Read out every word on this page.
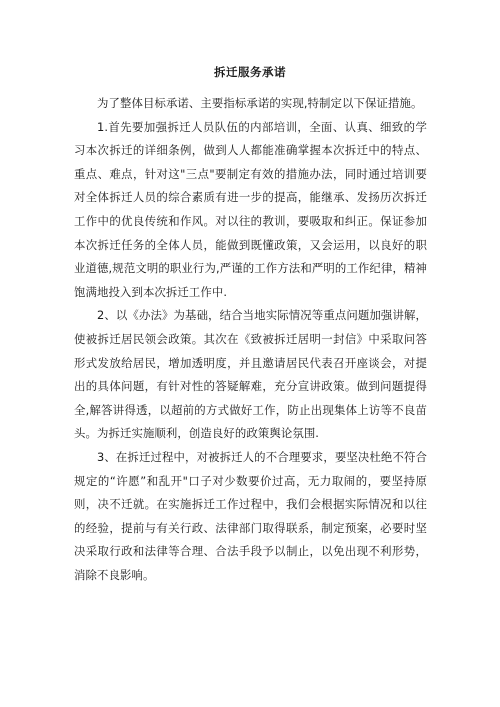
拆迁服务承诺

为了整体目标承诺、主要指标承诺的实现,特制定以下保证措施。

1.首先要加强拆迁人员队伍的内部培训，全面、认真、细致的学习本次拆迁的详细条例，做到人人都能准确掌握本次拆迁中的特点、重点、难点，针对这"三点"要制定有效的措施办法，同时通过培训要对全体拆迁人员的综合素质有进一步的提高，能继承、发扬历次拆迁工作中的优良传统和作风。对以往的教训，要吸取和纠正。保证参加本次拆迁任务的全体人员，能做到既懂政策，又会运用，以良好的职业道德,规范文明的职业行为,严谨的工作方法和严明的工作纪律，精神饱满地投入到本次拆迁工作中.

2、以《办法》为基础，结合当地实际情况等重点问题加强讲解，使被拆迁居民领会政策。其次在《致被拆迁居明一封信》中采取问答形式发放给居民，增加透明度，并且邀请居民代表召开座谈会，对提出的具体问题，有针对性的答疑解难，充分宣讲政策。做到问题提得全,解答讲得透，以超前的方式做好工作，防止出现集体上访等不良苗头。为拆迁实施顺利，创造良好的政策舆论氛围.

3、在拆迁过程中，对被拆迁人的不合理要求，要坚决杜绝不符合规定的“许愿”和乱开"口子对少数要价过高，无力取闹的，要坚持原则，决不迁就。在实施拆迁工作过程中，我们会根据实际情况和以往的经验，提前与有关行政、法律部门取得联系，制定预案，必要时坚决采取行政和法律等合理、合法手段予以制止，以免出现不利形势，消除不良影响。
